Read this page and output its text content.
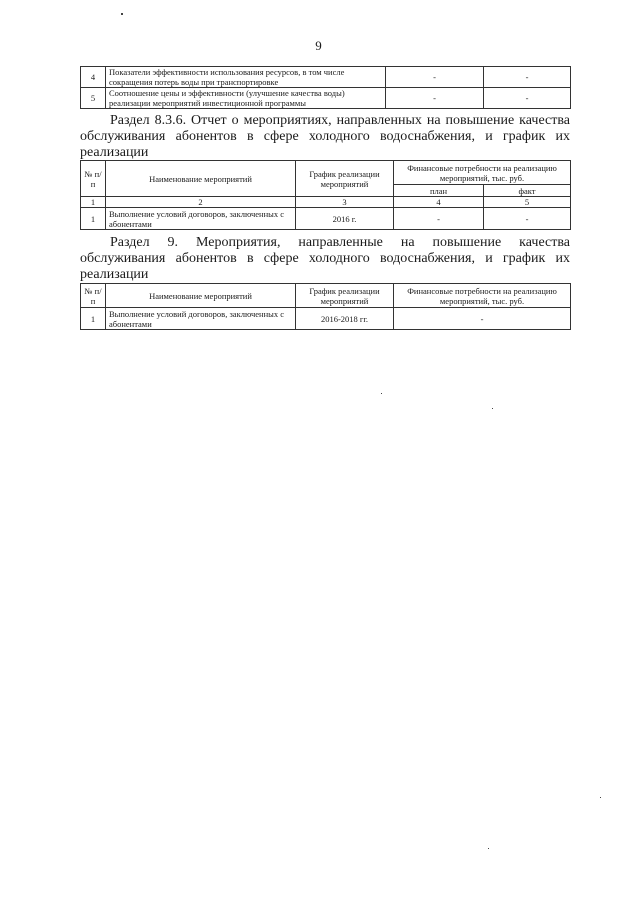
9
4	Показатели эффективности использования ресурсов, в том числе сокращения потерь воды при транспортировке	-	-
5	Соотношение цены и эффективности (улучшение качества воды) реализации мероприятий инвестиционной программы	-	-
Раздел 8.3.6. Отчет о мероприятиях, направленных на повышение качества обслуживания абонентов в сфере холодного водоснабжения, и график их реализации
№ п/п	Наименование мероприятий	График реализации мероприятий	Финансовые потребности на реализацию мероприятий, тыс. руб.	
			план	факт
1	2	3	4	5
1	Выполнение условий договоров, заключенных с абонентами	2016 г.	-	-
Раздел 9. Мероприятия, направленные на повышение качества обслуживания абонентов в сфере холодного водоснабжения, и график их реализации
№ п/п	Наименование мероприятий	График реализации мероприятий	Финансовые потребности на реализацию мероприятий, тыс. руб.
1	Выполнение условий договоров, заключенных с абонентами	2016-2018 гг.	-
